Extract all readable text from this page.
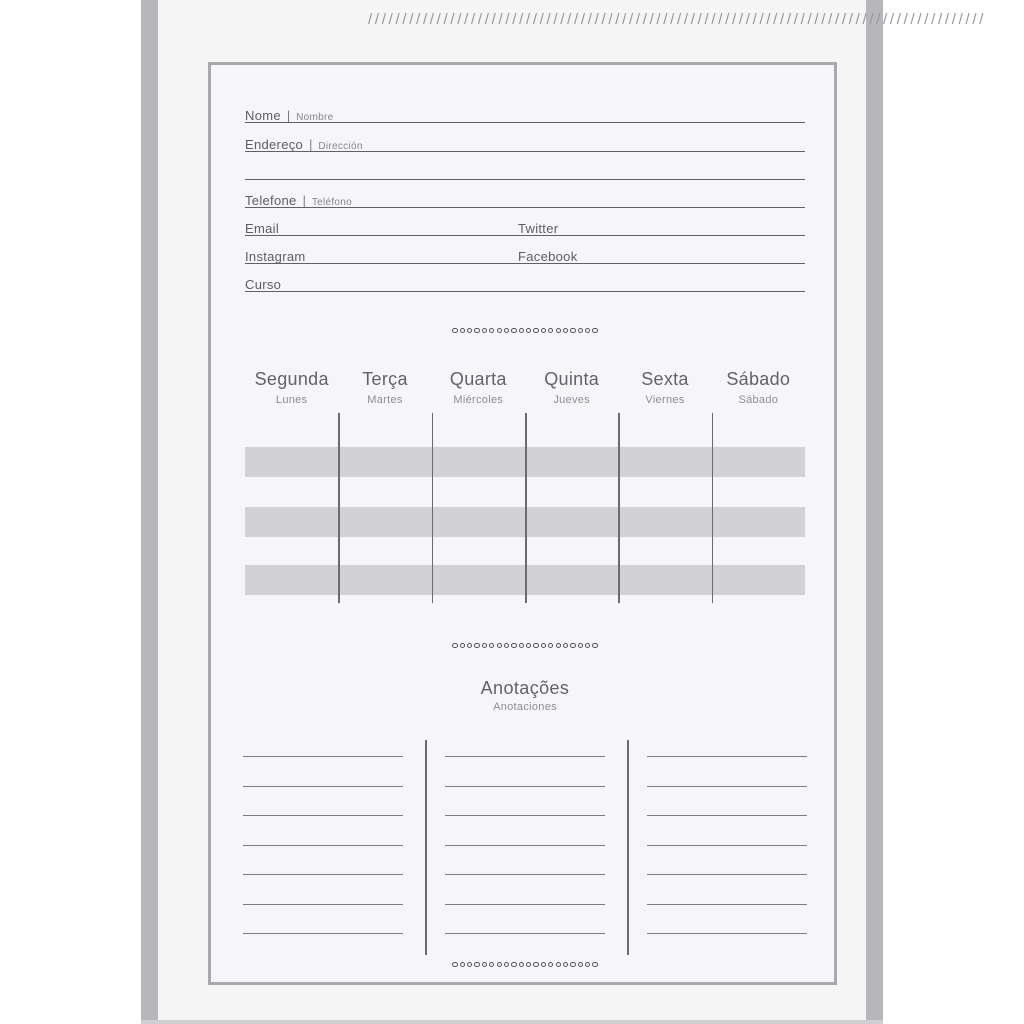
//////////////////////////////////////////////////////////////////////////////////////////
Nome | Nombre
Endereço | Dirección
Telefone | Teléfono
Email	Twitter
Instagram	Facebook
Curso
Segunda
Lunes
Terça
Martes
Quarta
Miércoles
Quinta
Jueves
Sexta
Viernes
Sábado
Sábado
Anotações
Anotaciones
